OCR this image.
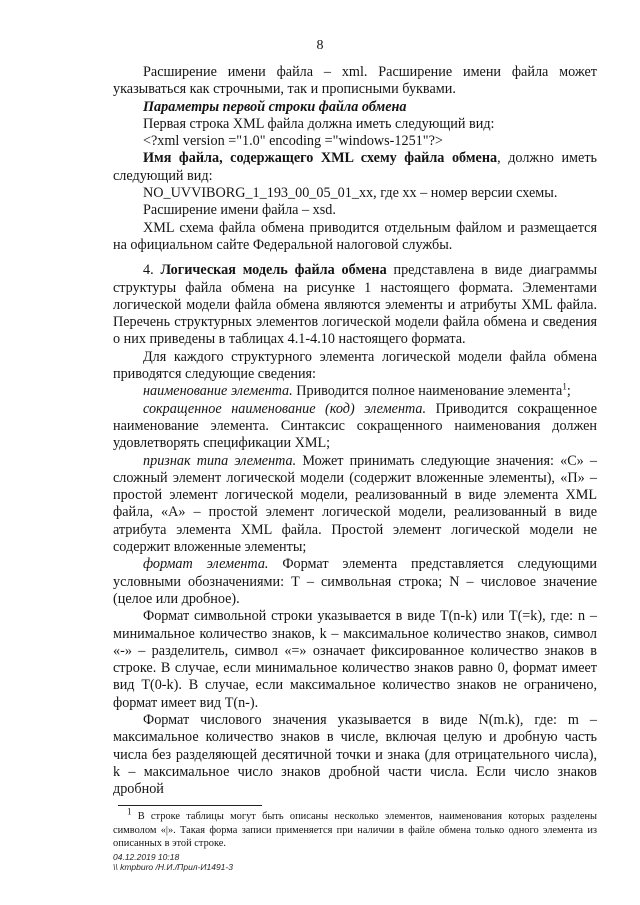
8

Расширение имени файла – xml. Расширение имени файла может указываться как строчными, так и прописными буквами.

Параметры первой строки файла обмена

Первая строка XML файла должна иметь следующий вид:

<?xml version ="1.0" encoding ="windows-1251"?>

Имя файла, содержащего XML схему файла обмена, должно иметь следующий вид:

NO_UVVIBORG_1_193_00_05_01_xx, где хх – номер версии схемы.

Расширение имени файла – xsd.

XML схема файла обмена приводится отдельным файлом и размещается на официальном сайте Федеральной налоговой службы.

4. Логическая модель файла обмена представлена в виде диаграммы структуры файла обмена на рисунке 1 настоящего формата. Элементами логической модели файла обмена являются элементы и атрибуты XML файла. Перечень структурных элементов логической модели файла обмена и сведения о них приведены в таблицах 4.1-4.10 настоящего формата.

Для каждого структурного элемента логической модели файла обмена приводятся следующие сведения:

наименование элемента. Приводится полное наименование элемента$^1$;

сокращенное наименование (код) элемента. Приводится сокращенное наименование элемента. Синтаксис сокращенного наименования должен удовлетворять спецификации XML;

признак типа элемента. Может принимать следующие значения: «С» – сложный элемент логической модели (содержит вложенные элементы), «П» – простой элемент логической модели, реализованный в виде элемента XML файла, «А» – простой элемент логической модели, реализованный в виде атрибута элемента XML файла. Простой элемент логической модели не содержит вложенные элементы;

формат элемента. Формат элемента представляется следующими условными обозначениями: Т – символьная строка; N – числовое значение (целое или дробное).

Формат символьной строки указывается в виде Т(n-k) или T(=k), где: n – минимальное количество знаков, k – максимальное количество знаков, символ «-» – разделитель, символ «=» означает фиксированное количество знаков в строке. В случае, если минимальное количество знаков равно 0, формат имеет вид Т(0-k). В случае, если максимальное количество знаков не ограничено, формат имеет вид Т(n-).

Формат числового значения указывается в виде N(m.k), где: m – максимальное количество знаков в числе, включая целую и дробную часть числа без разделяющей десятичной точки и знака (для отрицательного числа), k – максимальное число знаков дробной части числа. Если число знаков дробной

$^1$ В строке таблицы могут быть описаны несколько элементов, наименования которых разделены символом «|». Такая форма записи применяется при наличии в файле обмена только одного элемента из описанных в этой строке.
04.12.2019 10:18
\\ kmpburo /Н.И./Прил-И1491-3
